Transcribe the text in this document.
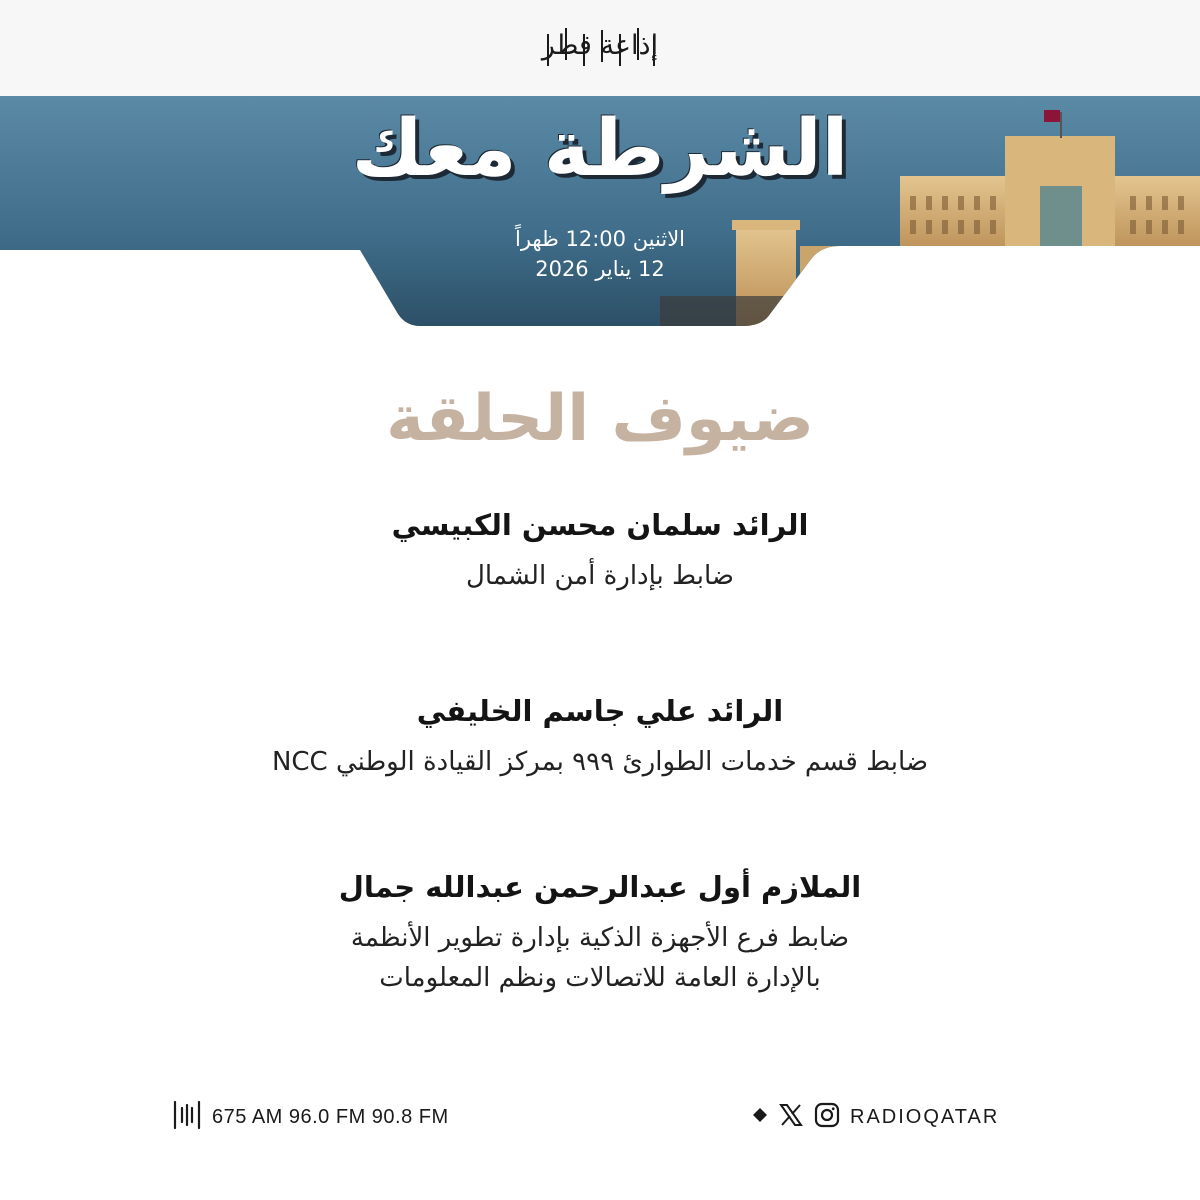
إذاعة قطر
الشرطة معك
الاثنين 12:00 ظهراً
12 يناير 2026
ضيوف الحلقة
الرائد سلمان محسن الكبيسي
ضابط بإدارة أمن الشمال
الرائد علي جاسم الخليفي
ضابط قسم خدمات الطوارئ ٩٩٩ بمركز القيادة الوطني NCC
الملازم أول عبدالرحمن عبدالله جمال
ضابط فرع الأجهزة الذكية بإدارة تطوير الأنظمة
بالإدارة العامة للاتصالات ونظم المعلومات
675 AM 96.0 FM 90.8 FM	RADIOQATAR
